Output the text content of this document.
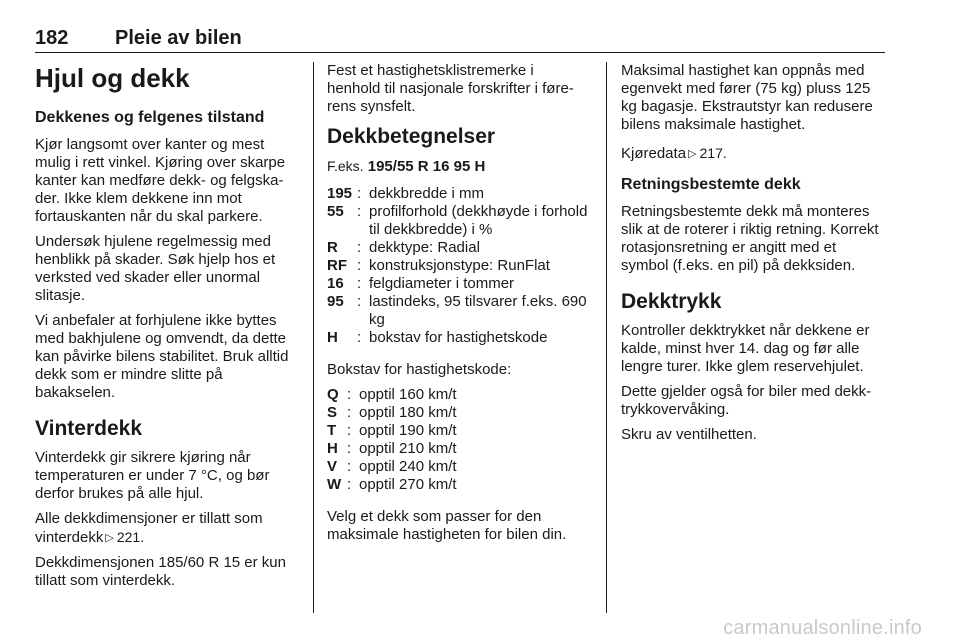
182 Pleie av bilen
Hjul og dekk
Dekkenes og felgenes tilstand

Kjør langsomt over kanter og mest mulig i rett vinkel. Kjøring over skarpe kanter kan medføre dekk- og felgskader. Ikke klem dekkene inn mot fortauskanten når du skal parkere.

Undersøk hjulene regelmessig med henblikk på skader. Søk hjelp hos et verksted ved skader eller unormal slitasje.

Vi anbefaler at forhjulene ikke byttes med bakhjulene og omvendt, da dette kan påvirke bilens stabilitet. Bruk alltid dekk som er mindre slitte på bakakselen.

Vinterdekk

Vinterdekk gir sikrere kjøring når temperaturen er under 7 °C, og bør derfor brukes på alle hjul.

Alle dekkdimensjoner er tillatt som vinterdekk ▷ 221.

Dekkdimensjonen 185/60 R 15 er kun tillatt som vinterdekk.

Fest et hastighetsklistremerke i henhold til nasjonale forskrifter i førerens synsfelt.

Dekkbetegnelser
F.eks. 195/55 R 16 95 H
195 : dekkbredde i mm
55 : profilforhold (dekkhøyde i forhold til dekkbredde) i %
R	: dekktype: Radial
RF : konstruksjonstype: RunFlat
16 : felgdiameter i tommer
95 : lastindeks, 95 tilsvarer f.eks. 690 kg
H	: bokstav for hastighetskode

Bokstav for hastighetskode:

Q : opptil 160 km/t
S : opptil 180 km/t
T : opptil 190 km/t
H : opptil 210 km/t
V : opptil 240 km/t
W : opptil 270 km/t

Velg et dekk som passer for den maksimale hastigheten for bilen din.

Maksimal hastighet kan oppnås med egenvekt med fører (75 kg) pluss 125 kg bagasje. Ekstrautstyr kan redusere bilens maksimale hastighet.

Kjøredata ▷ 217.

Retningsbestemte dekk

Retningsbestemte dekk må monteres slik at de roterer i riktig retning. Korrekt rotasjonsretning er angitt med et symbol (f.eks. en pil) på dekksiden.

Dekktrykk

Kontroller dekktrykket når dekkene er kalde, minst hver 14. dag og før alle lengre turer. Ikke glem reservehjulet.

Dette gjelder også for biler med dekktrykkovervåking.

Skru av ventilhetten.

carmanualsonline.info
